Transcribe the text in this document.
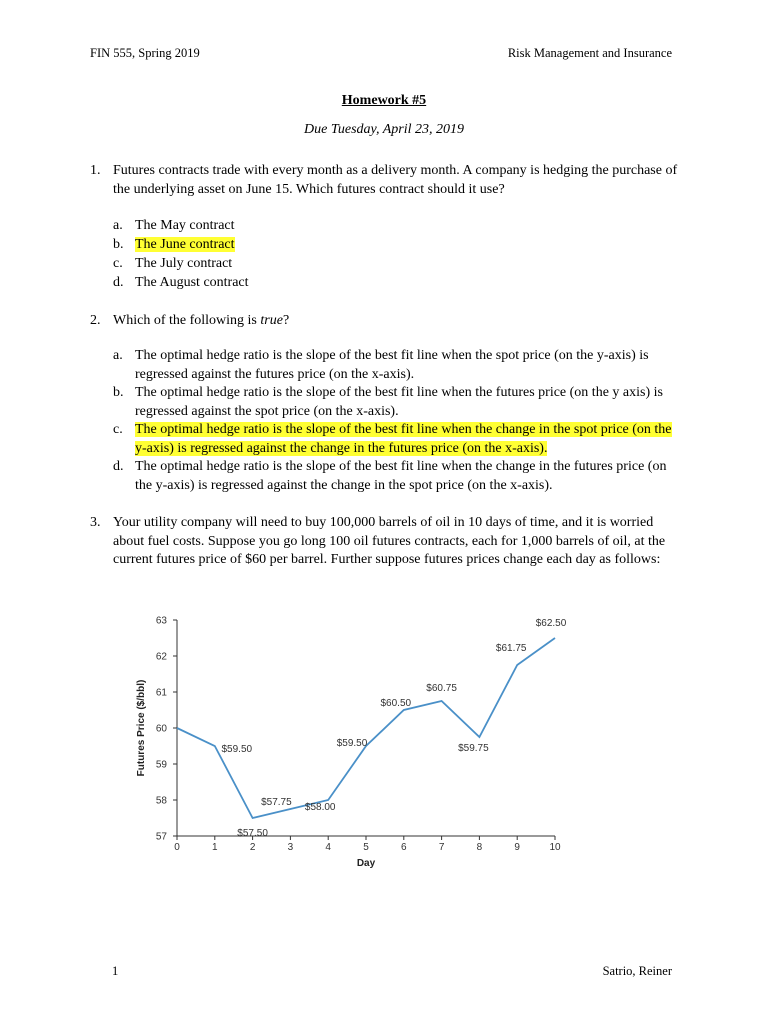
FIN 555, Spring 2019	Risk Management and Insurance
Homework #5
Due Tuesday, April 23, 2019
1. Futures contracts trade with every month as a delivery month. A company is hedging the purchase of the underlying asset on June 15. Which futures contract should it use?
a. The May contract
b. The June contract
c. The July contract
d. The August contract
2. Which of the following is true?
a. The optimal hedge ratio is the slope of the best fit line when the spot price (on the y-axis) is regressed against the futures price (on the x-axis).
b. The optimal hedge ratio is the slope of the best fit line when the futures price (on the y axis) is regressed against the spot price (on the x-axis).
c. The optimal hedge ratio is the slope of the best fit line when the change in the spot price (on the y-axis) is regressed against the change in the futures price (on the x-axis).
d. The optimal hedge ratio is the slope of the best fit line when the change in the futures price (on the y-axis) is regressed against the change in the spot price (on the x-axis).
3. Your utility company will need to buy 100,000 barrels of oil in 10 days of time, and it is worried about fuel costs. Suppose you go long 100 oil futures contracts, each for 1,000 barrels of oil, at the current futures price of $60 per barrel. Further suppose futures prices change each day as follows:
57
58
59
60
61
62
63
0	1	2	3	4	5	6	7	8	9	10
Day
Futures Price ($/bbl)	$59.50
$57.50
$57.75 $58.00
$59.50
$60.50
$60.75
$59.75
$61.75
$62.50
1	Satrio, Reiner
